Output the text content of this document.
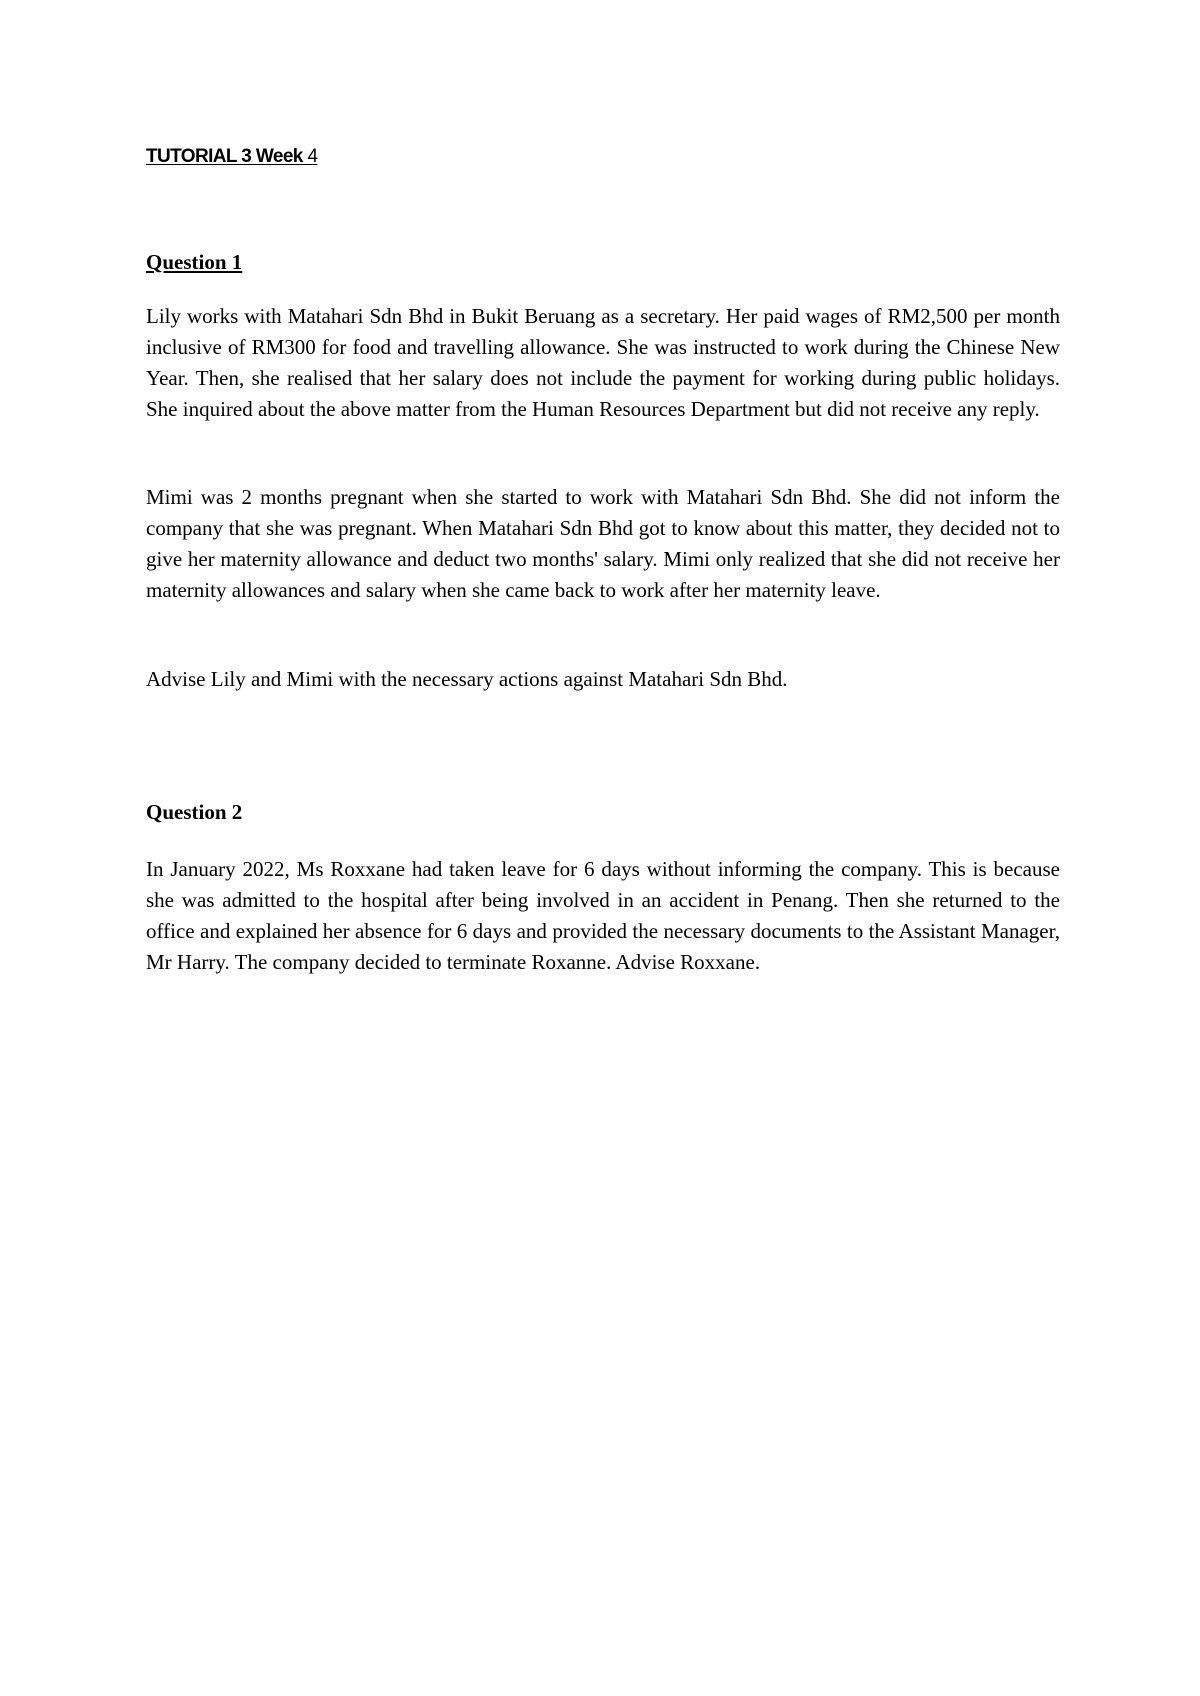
TUTORIAL 3 Week 4
Question 1

Lily works with Matahari Sdn Bhd in Bukit Beruang as a secretary. Her paid wages of RM2,500 per month inclusive of RM300 for food and travelling allowance. She was instructed to work during the Chinese New Year. Then, she realised that her salary does not include the payment for working during public holidays. She inquired about the above matter from the Human Resources Department but did not receive any reply.

Mimi was 2 months pregnant when she started to work with Matahari Sdn Bhd. She did not inform the company that she was pregnant. When Matahari Sdn Bhd got to know about this matter, they decided not to give her maternity allowance and deduct two months' salary. Mimi only realized that she did not receive her maternity allowances and salary when she came back to work after her maternity leave.

Advise Lily and Mimi with the necessary actions against Matahari Sdn Bhd.

Question 2

In January 2022, Ms Roxxane had taken leave for 6 days without informing the company. This is because she was admitted to the hospital after being involved in an accident in Penang. Then she returned to the office and explained her absence for 6 days and provided the necessary documents to the Assistant Manager, Mr Harry. The company decided to terminate Roxanne. Advise Roxxane.
